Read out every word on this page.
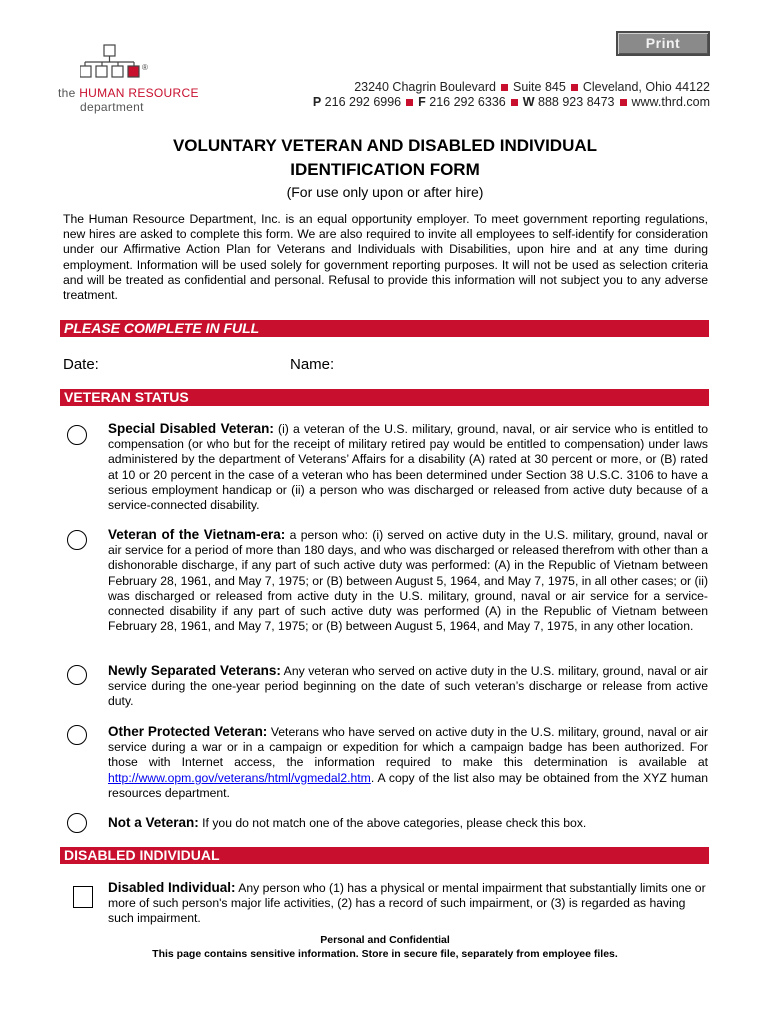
Print
®
the HUMAN RESOURCE
department
23240 Chagrin Boulevard Suite 845 Cleveland, Ohio 44122
P 216 292 6996 F 216 292 6336 W 888 923 8473 www.thrd.com
VOLUNTARY VETERAN AND DISABLED INDIVIDUAL
IDENTIFICATION FORM
(For use only upon or after hire)
The Human Resource Department, Inc. is an equal opportunity employer. To meet government reporting regulations, new hires are asked to complete this form. We are also required to invite all employees to self-identify for consideration under our Affirmative Action Plan for Veterans and Individuals with Disabilities, upon hire and at any time during employment. Information will be used solely for government reporting purposes. It will not be used as selection criteria and will be treated as confidential and personal. Refusal to provide this information will not subject you to any adverse treatment.
PLEASE COMPLETE IN FULL
Date:	Name:
VETERAN STATUS
Special Disabled Veteran: (i) a veteran of the U.S. military, ground, naval, or air service who is entitled to compensation (or who but for the receipt of military retired pay would be entitled to compensation) under laws administered by the department of Veterans’ Affairs for a disability (A) rated at 30 percent or more, or (B) rated at 10 or 20 percent in the case of a veteran who has been determined under Section 38 U.S.C. 3106 to have a serious employment handicap or (ii) a person who was discharged or released from active duty because of a service-connected disability.
Veteran of the Vietnam-era: a person who: (i) served on active duty in the U.S. military, ground, naval or air service for a period of more than 180 days, and who was discharged or released therefrom with other than a dishonorable discharge, if any part of such active duty was performed: (A) in the Republic of Vietnam between February 28, 1961, and May 7, 1975; or (B) between August 5, 1964, and May 7, 1975, in all other cases; or (ii) was discharged or released from active duty in the U.S. military, ground, naval or air service for a service-connected disability if any part of such active duty was performed (A) in the Republic of Vietnam between February 28, 1961, and May 7, 1975; or (B) between August 5, 1964, and May 7, 1975, in any other location.
Newly Separated Veterans: Any veteran who served on active duty in the U.S. military, ground, naval or air service during the one-year period beginning on the date of such veteran’s discharge or release from active duty.
Other Protected Veteran: Veterans who have served on active duty in the U.S. military, ground, naval or air service during a war or in a campaign or expedition for which a campaign badge has been authorized. For those with Internet access, the information required to make this determination is available at http://www.opm.gov/veterans/html/vgmedal2.htm. A copy of the list also may be obtained from the XYZ human resources department.
Not a Veteran: If you do not match one of the above categories, please check this box.
DISABLED INDIVIDUAL
Disabled Individual: Any person who (1) has a physical or mental impairment that substantially limits one or more of such person's major life activities, (2) has a record of such impairment, or (3) is regarded as having such impairment.
Personal and Confidential
This page contains sensitive information. Store in secure file, separately from employee files.
